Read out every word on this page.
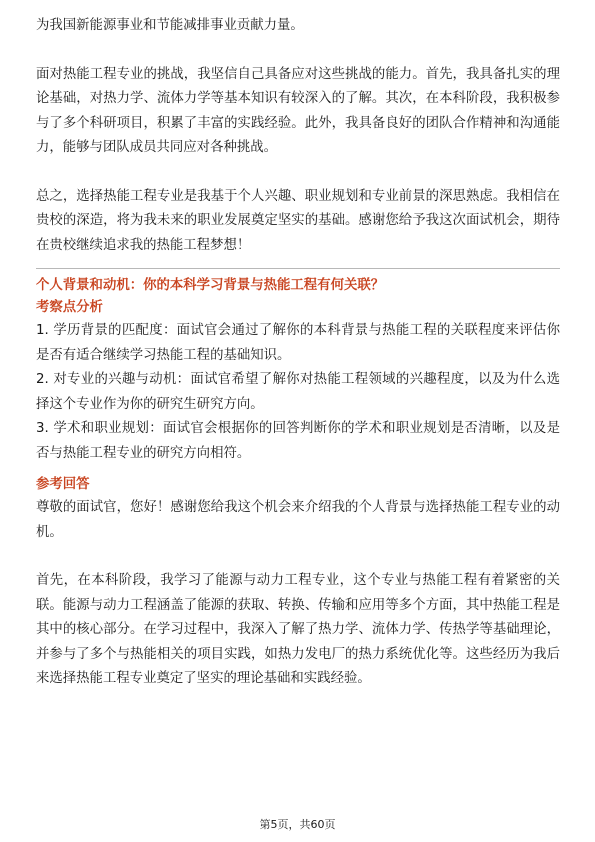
为我国新能源事业和节能减排事业贡献力量。

面对热能工程专业的挑战，我坚信自己具备应对这些挑战的能力。首先，我具备扎实的理论基础，对热力学、流体力学等基本知识有较深入的了解。其次，在本科阶段，我积极参与了多个科研项目，积累了丰富的实践经验。此外，我具备良好的团队合作精神和沟通能力，能够与团队成员共同应对各种挑战。

总之，选择热能工程专业是我基于个人兴趣、职业规划和专业前景的深思熟虑。我相信在贵校的深造，将为我未来的职业发展奠定坚实的基础。感谢您给予我这次面试机会，期待在贵校继续追求我的热能工程梦想！

个人背景和动机：你的本科学习背景与热能工程有何关联？

考察点分析

1. 学历背景的匹配度：面试官会通过了解你的本科背景与热能工程的关联程度来评估你是否有适合继续学习热能工程的基础知识。

2. 对专业的兴趣与动机：面试官希望了解你对热能工程领域的兴趣程度，以及为什么选择这个专业作为你的研究生研究方向。

3. 学术和职业规划：面试官会根据你的回答判断你的学术和职业规划是否清晰，以及是否与热能工程专业的研究方向相符。

参考回答

尊敬的面试官，您好！感谢您给我这个机会来介绍我的个人背景与选择热能工程专业的动机。

首先，在本科阶段，我学习了能源与动力工程专业，这个专业与热能工程有着紧密的关联。能源与动力工程涵盖了能源的获取、转换、传输和应用等多个方面，其中热能工程是其中的核心部分。在学习过程中，我深入了解了热力学、流体力学、传热学等基础理论，并参与了多个与热能相关的项目实践，如热力发电厂的热力系统优化等。这些经历为我后来选择热能工程专业奠定了坚实的理论基础和实践经验。

第5页，共60页
